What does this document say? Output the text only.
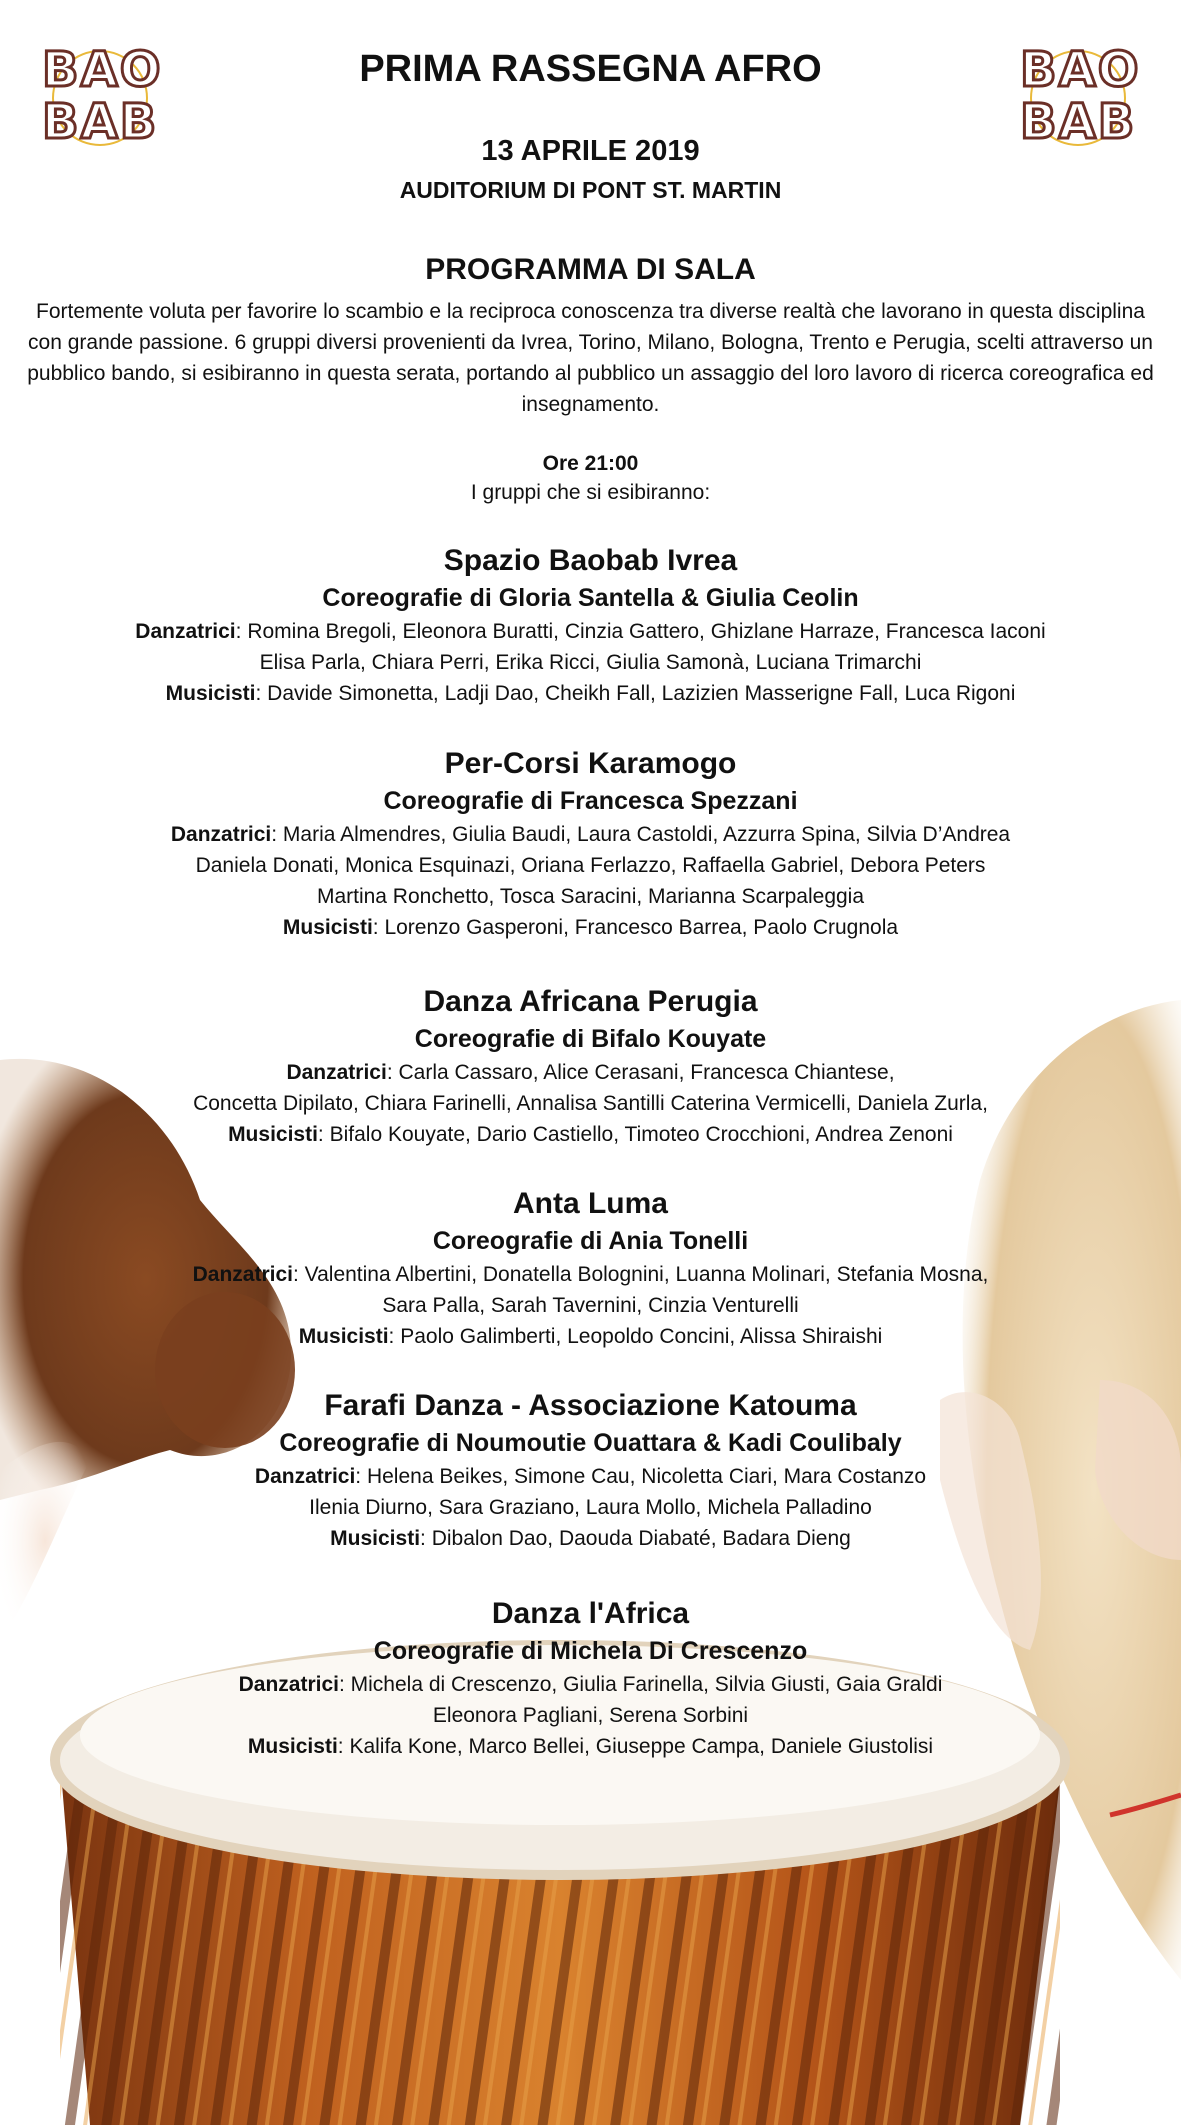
BAO
BAB
BAO
BAB
PRIMA RASSEGNA AFRO
13 APRILE 2019
AUDITORIUM DI PONT ST. MARTIN
PROGRAMMA DI SALA
Fortemente voluta per favorire lo scambio e la reciproca conoscenza tra diverse realtà che lavorano in questa disciplina con grande passione. 6 gruppi diversi provenienti da Ivrea, Torino, Milano, Bologna, Trento e Perugia, scelti attraverso un pubblico bando, si esibiranno in questa serata, portando al pubblico un assaggio del loro lavoro di ricerca coreografica ed insegnamento.
Ore 21:00
I gruppi che si esibiranno:
Spazio Baobab Ivrea
Coreografie di Gloria Santella & Giulia Ceolin
Danzatrici: Romina Bregoli, Eleonora Buratti, Cinzia Gattero, Ghizlane Harraze, Francesca Iaconi
Elisa Parla, Chiara Perri, Erika Ricci, Giulia Samonà, Luciana Trimarchi
Musicisti: Davide Simonetta, Ladji Dao, Cheikh Fall, Lazizien Masserigne Fall, Luca Rigoni
Per-Corsi Karamogo
Coreografie di Francesca Spezzani
Danzatrici: Maria Almendres, Giulia Baudi, Laura Castoldi, Azzurra Spina, Silvia D’Andrea
Daniela Donati, Monica Esquinazi, Oriana Ferlazzo, Raffaella Gabriel, Debora Peters
Martina Ronchetto, Tosca Saracini, Marianna Scarpaleggia
Musicisti: Lorenzo Gasperoni, Francesco Barrea, Paolo Crugnola
Danza Africana Perugia
Coreografie di Bifalo Kouyate
Danzatrici: Carla Cassaro, Alice Cerasani, Francesca Chiantese,
Concetta Dipilato, Chiara Farinelli, Annalisa Santilli Caterina Vermicelli, Daniela Zurla,
Musicisti: Bifalo Kouyate, Dario Castiello, Timoteo Crocchioni, Andrea Zenoni
Anta Luma
Coreografie di Ania Tonelli
Danzatrici: Valentina Albertini, Donatella Bolognini, Luanna Molinari, Stefania Mosna,
Sara Palla, Sarah Tavernini, Cinzia Venturelli
Musicisti: Paolo Galimberti, Leopoldo Concini, Alissa Shiraishi
Farafi Danza - Associazione Katouma
Coreografie di Noumoutie Ouattara & Kadi Coulibaly
Danzatrici: Helena Beikes, Simone Cau, Nicoletta Ciari, Mara Costanzo
Ilenia Diurno, Sara Graziano, Laura Mollo, Michela Palladino
Musicisti: Dibalon Dao, Daouda Diabaté, Badara Dieng
Danza l'Africa
Coreografie di Michela Di Crescenzo
Danzatrici: Michela di Crescenzo, Giulia Farinella, Silvia Giusti, Gaia Graldi
Eleonora Pagliani, Serena Sorbini
Musicisti: Kalifa Kone, Marco Bellei, Giuseppe Campa, Daniele Giustolisi
